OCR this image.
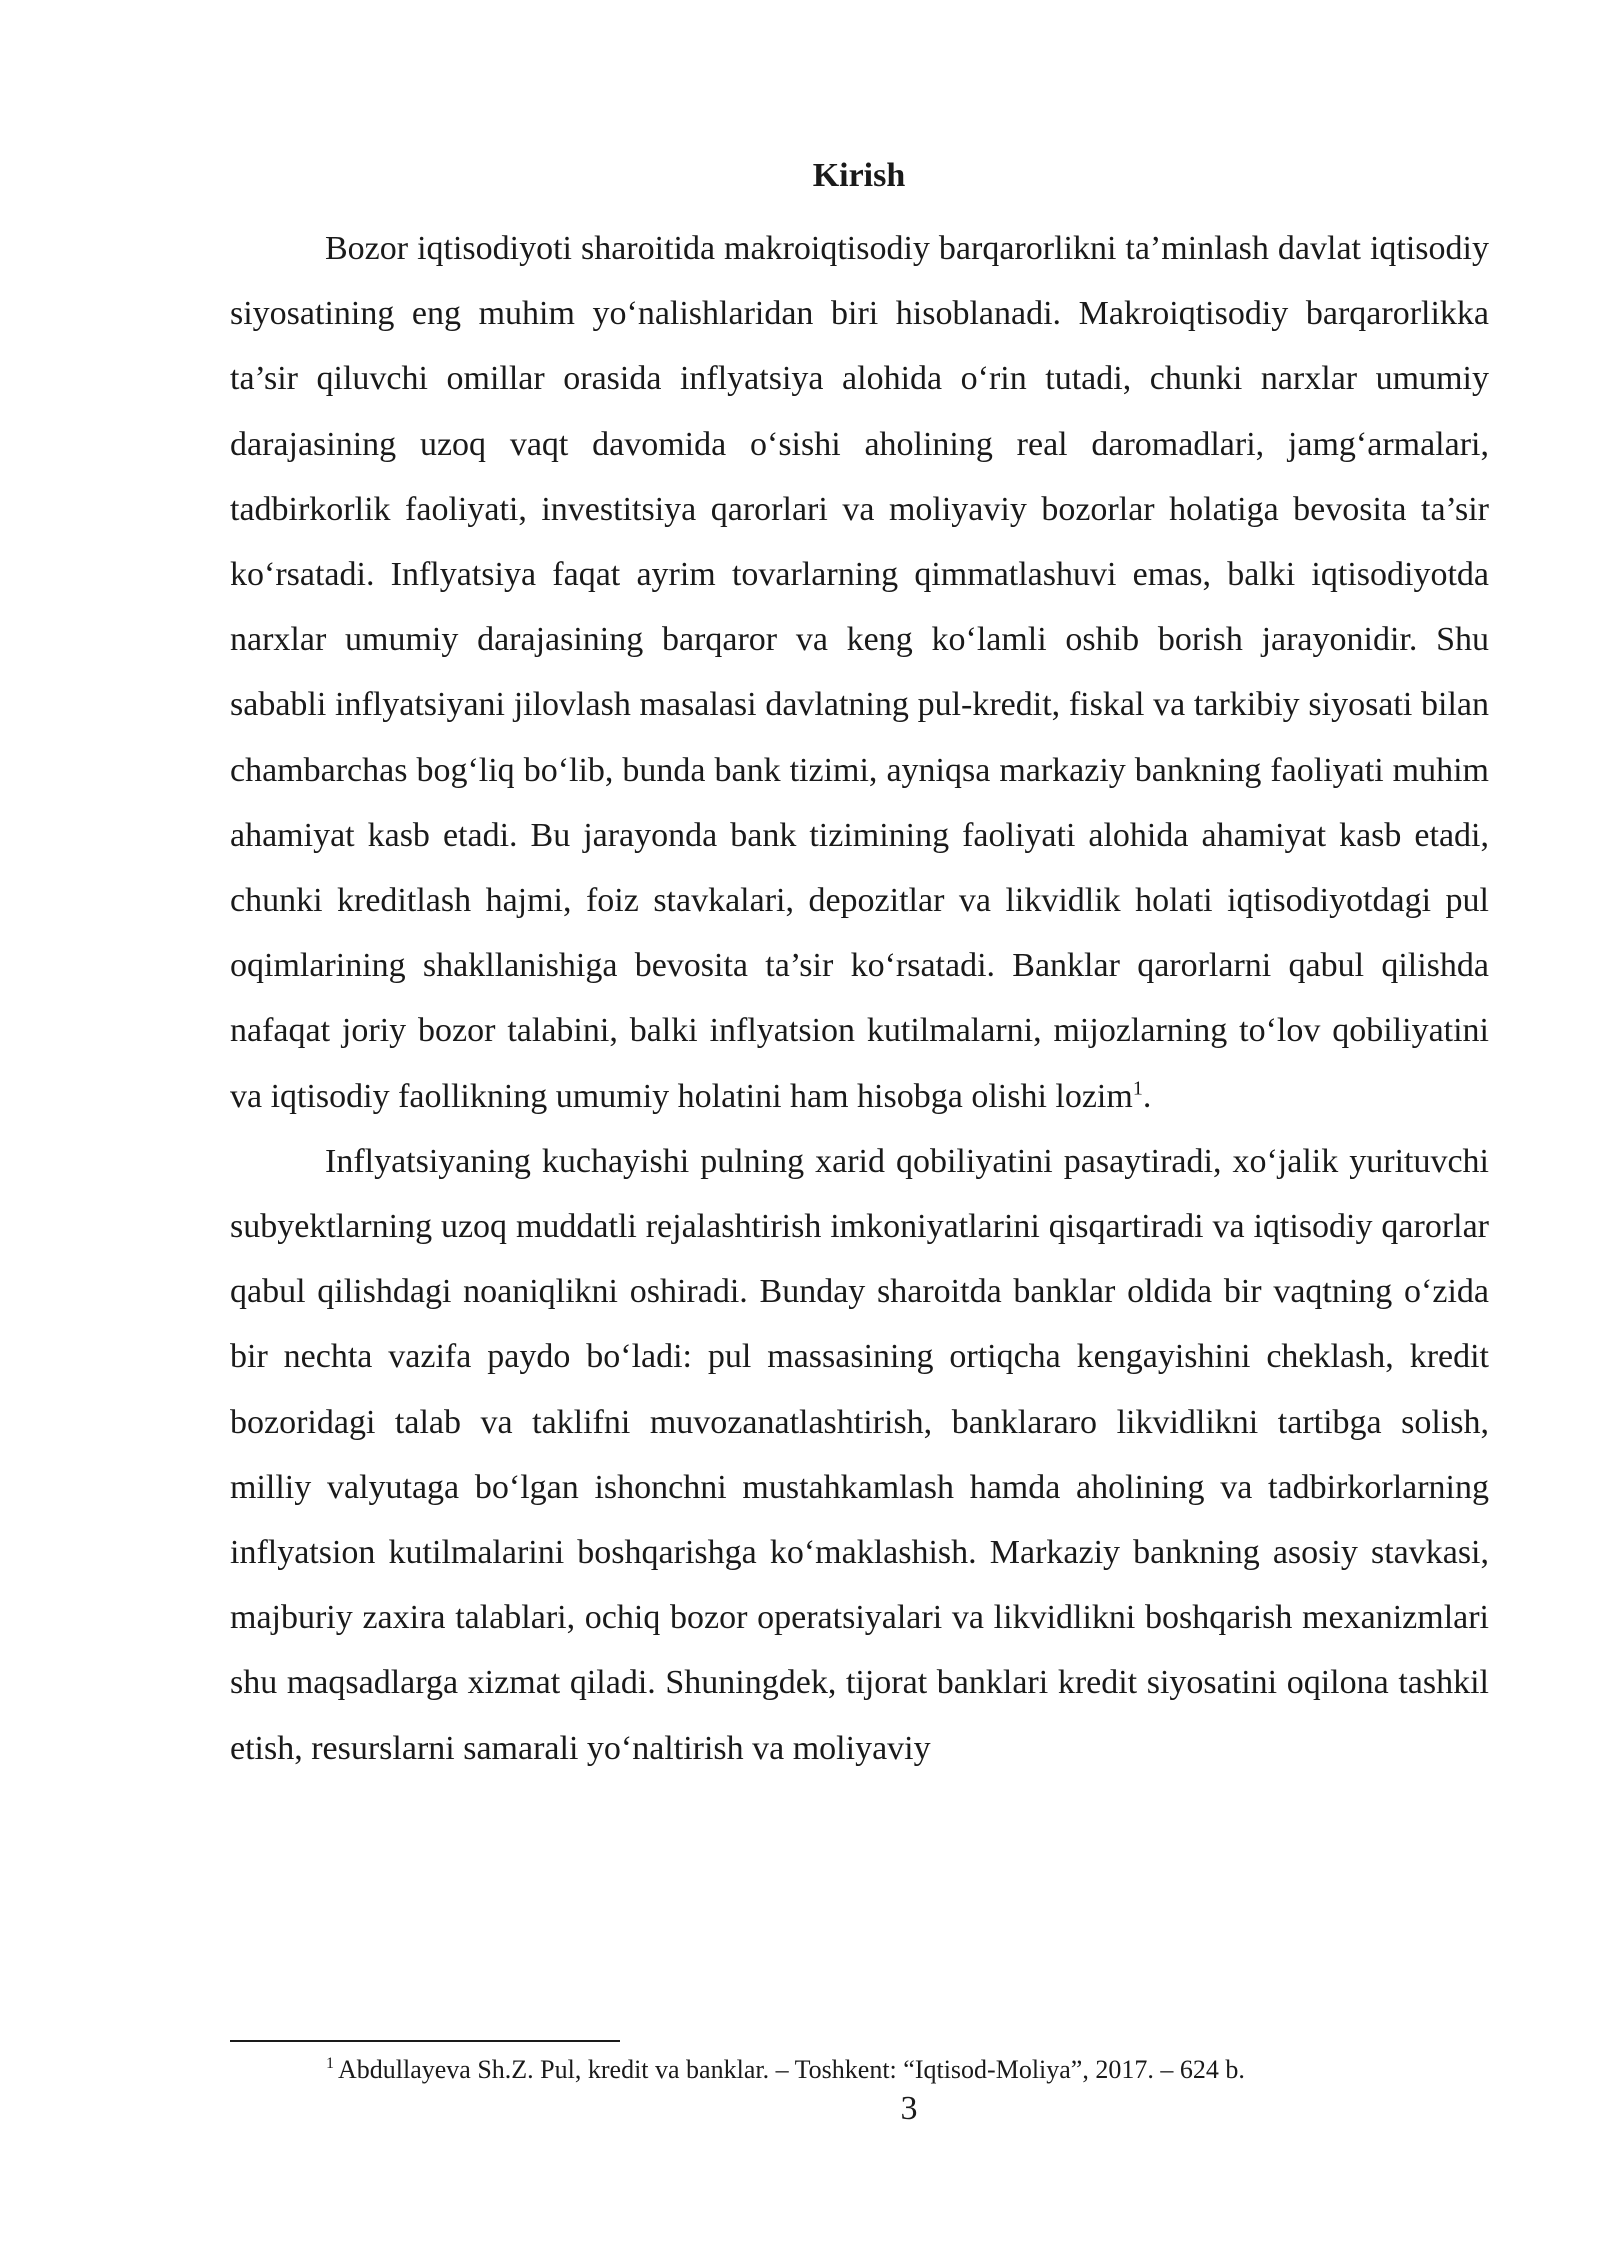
Kirish

Bozor iqtisodiyoti sharoitida makroiqtisodiy barqarorlikni ta’minlash davlat iqtisodiy siyosatining eng muhim yo‘nalishlaridan biri hisoblanadi. Makroiqtisodiy barqarorlikka ta’sir qiluvchi omillar orasida inflyatsiya alohida o‘rin tutadi, chunki narxlar umumiy darajasining uzoq vaqt davomida o‘sishi aholining real daromadlari, jamg‘armalari, tadbirkorlik faoliyati, investitsiya qarorlari va moliyaviy bozorlar holatiga bevosita ta’sir ko‘rsatadi. Inflyatsiya faqat ayrim tovarlarning qimmatlashuvi emas, balki iqtisodiyotda narxlar umumiy darajasining barqaror va keng ko‘lamli oshib borish jarayonidir. Shu sababli inflyatsiyani jilovlash masalasi davlatning pul-kredit, fiskal va tarkibiy siyosati bilan chambarchas bog‘liq bo‘lib, bunda bank tizimi, ayniqsa markaziy bankning faoliyati muhim ahamiyat kasb etadi. Bu jarayonda bank tizimining faoliyati alohida ahamiyat kasb etadi, chunki kreditlash hajmi, foiz stavkalari, depozitlar va likvidlik holati iqtisodiyotdagi pul oqimlarining shakllanishiga bevosita ta’sir ko‘rsatadi. Banklar qarorlarni qabul qilishda nafaqat joriy bozor talabini, balki inflyatsion kutilmalarni, mijozlarning to‘lov qobiliyatini va iqtisodiy faollikning umumiy holatini ham hisobga olishi lozim$^1$.

Inflyatsiyaning kuchayishi pulning xarid qobiliyatini pasaytiradi, xo‘jalik yurituvchi subyektlarning uzoq muddatli rejalashtirish imkoniyatlarini qisqartiradi va iqtisodiy qarorlar qabul qilishdagi noaniqlikni oshiradi. Bunday sharoitda banklar oldida bir vaqtning o‘zida bir nechta vazifa paydo bo‘ladi: pul massasining ortiqcha kengayishini cheklash, kredit bozoridagi talab va taklifni muvozanatlashtirish, banklararo likvidlikni tartibga solish, milliy valyutaga bo‘lgan ishonchni mustahkamlash hamda aholining va tadbirkorlarning inflyatsion kutilmalarini boshqarishga ko‘maklashish. Markaziy bankning asosiy stavkasi, majburiy zaxira talablari, ochiq bozor operatsiyalari va likvidlikni boshqarish mexanizmlari shu maqsadlarga xizmat qiladi. Shuningdek, tijorat banklari kredit siyosatini oqilona tashkil etish, resurslarni samarali yo‘naltirish va moliyaviy

$^1$ Abdullayeva Sh.Z. Pul, kredit va banklar. – Toshkent: “Iqtisod-Moliya”, 2017. – 624 b.

3
